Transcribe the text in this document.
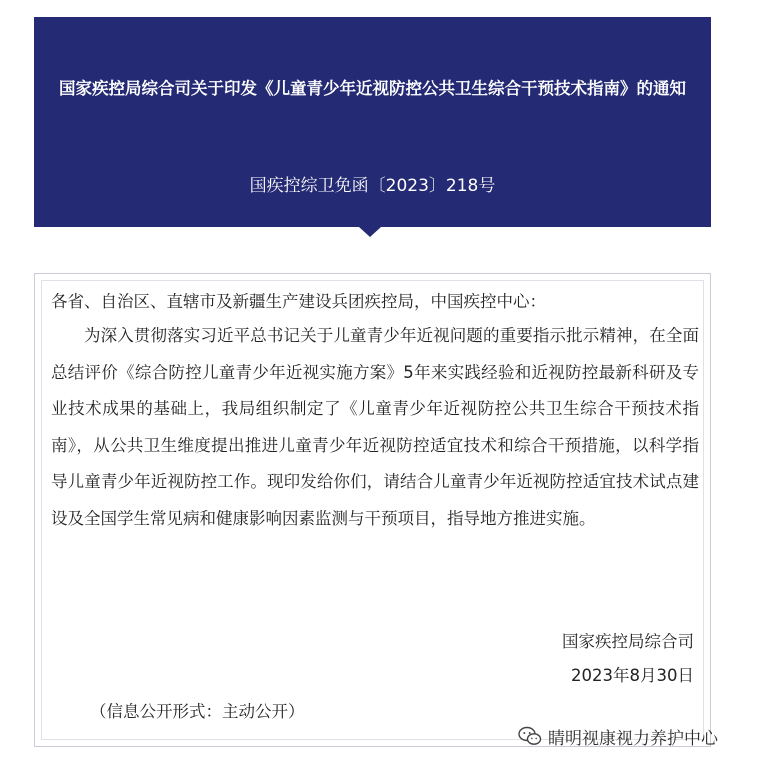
国家疾控局综合司关于印发《儿童青少年近视防控公共卫生综合干预技术指南》的通知
国疾控综卫免函〔2023〕218号
各省、自治区、直辖市及新疆生产建设兵团疾控局，中国疾控中心：
为深入贯彻落实习近平总书记关于儿童青少年近视问题的重要指示批示精神，在全面总结评价《综合防控儿童青少年近视实施方案》5年来实践经验和近视防控最新科研及专业技术成果的基础上，我局组织制定了《儿童青少年近视防控公共卫生综合干预技术指南》，从公共卫生维度提出推进儿童青少年近视防控适宜技术和综合干预措施，以科学指导儿童青少年近视防控工作。现印发给你们，请结合儿童青少年近视防控适宜技术试点建设及全国学生常见病和健康影响因素监测与干预项目，指导地方推进实施。
国家疾控局综合司
2023年8月30日
（信息公开形式：主动公开）
睛明视康视力养护中心
